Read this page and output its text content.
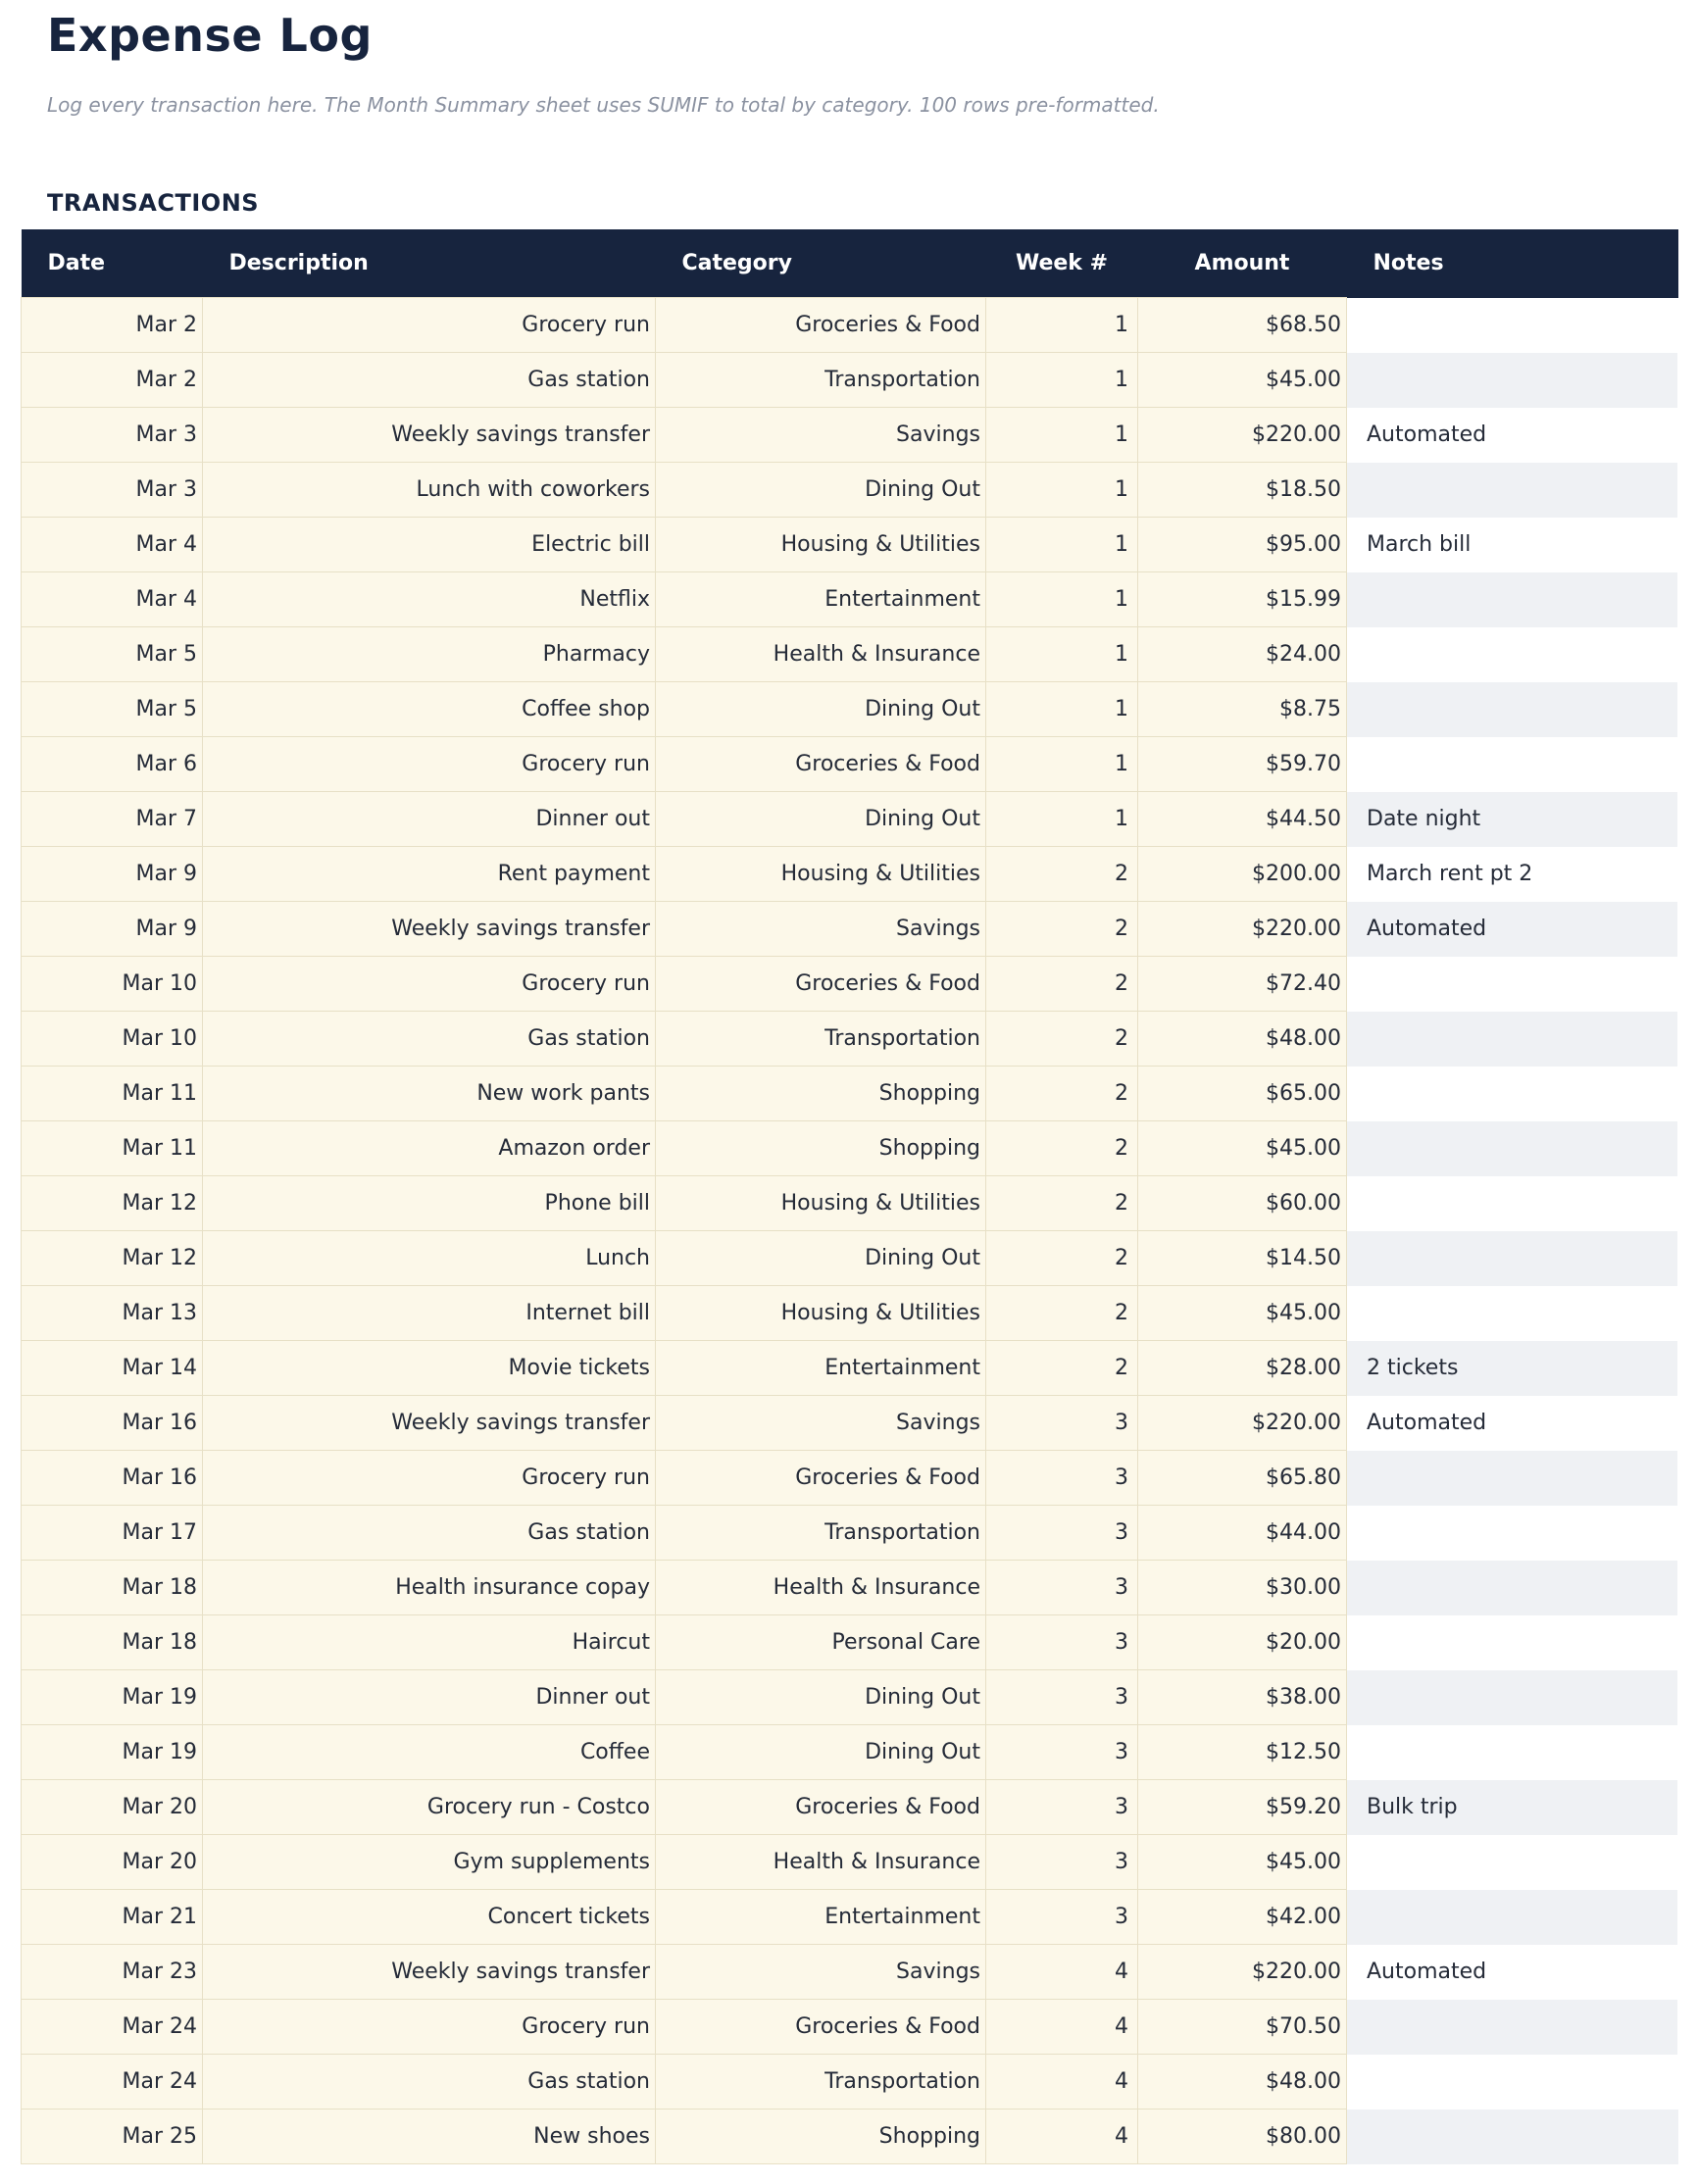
Expense Log
Log every transaction here. The Month Summary sheet uses SUMIF to total by category. 100 rows pre-formatted.
TRANSACTIONS
Date	Description	Category	Week #	Amount	Notes
Mar 2	Grocery run	Groceries & Food	1	$68.50	
Mar 2	Gas station	Transportation	1	$45.00	
Mar 3	Weekly savings transfer	Savings	1	$220.00	Automated
Mar 3	Lunch with coworkers	Dining Out	1	$18.50	
Mar 4	Electric bill	Housing & Utilities	1	$95.00	March bill
Mar 4	Netflix	Entertainment	1	$15.99	
Mar 5	Pharmacy	Health & Insurance	1	$24.00	
Mar 5	Coffee shop	Dining Out	1	$8.75	
Mar 6	Grocery run	Groceries & Food	1	$59.70	
Mar 7	Dinner out	Dining Out	1	$44.50	Date night
Mar 9	Rent payment	Housing & Utilities	2	$200.00	March rent pt 2
Mar 9	Weekly savings transfer	Savings	2	$220.00	Automated
Mar 10	Grocery run	Groceries & Food	2	$72.40	
Mar 10	Gas station	Transportation	2	$48.00	
Mar 11	New work pants	Shopping	2	$65.00	
Mar 11	Amazon order	Shopping	2	$45.00	
Mar 12	Phone bill	Housing & Utilities	2	$60.00	
Mar 12	Lunch	Dining Out	2	$14.50	
Mar 13	Internet bill	Housing & Utilities	2	$45.00	
Mar 14	Movie tickets	Entertainment	2	$28.00	2 tickets
Mar 16	Weekly savings transfer	Savings	3	$220.00	Automated
Mar 16	Grocery run	Groceries & Food	3	$65.80	
Mar 17	Gas station	Transportation	3	$44.00	
Mar 18	Health insurance copay	Health & Insurance	3	$30.00	
Mar 18	Haircut	Personal Care	3	$20.00	
Mar 19	Dinner out	Dining Out	3	$38.00	
Mar 19	Coffee	Dining Out	3	$12.50	
Mar 20	Grocery run - Costco	Groceries & Food	3	$59.20	Bulk trip
Mar 20	Gym supplements	Health & Insurance	3	$45.00	
Mar 21	Concert tickets	Entertainment	3	$42.00	
Mar 23	Weekly savings transfer	Savings	4	$220.00	Automated
Mar 24	Grocery run	Groceries & Food	4	$70.50	
Mar 24	Gas station	Transportation	4	$48.00	
Mar 25	New shoes	Shopping	4	$80.00	
